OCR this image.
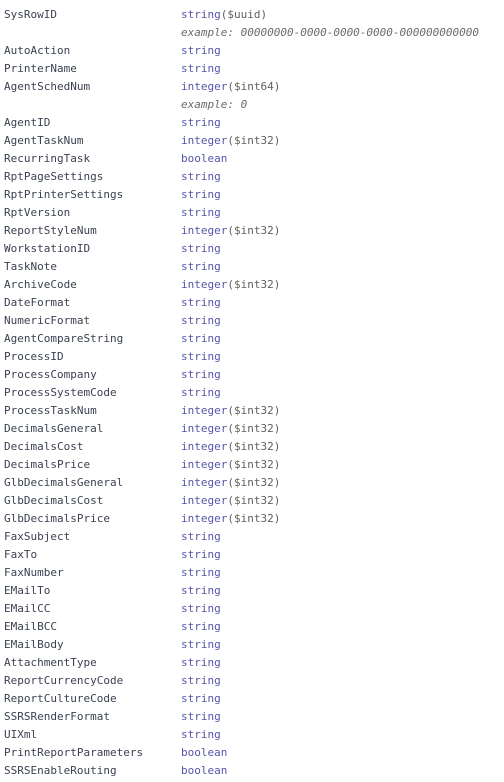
SysRowID	string($uuid)
example: 00000000-0000-0000-0000-000000000000
AutoAction	string
PrinterName	string
AgentSchedNum	integer($int64)
example: 0
AgentID	string
AgentTaskNum	integer($int32)
RecurringTask	boolean
RptPageSettings	string
RptPrinterSettings	string
RptVersion	string
ReportStyleNum	integer($int32)
WorkstationID	string
TaskNote	string
ArchiveCode	integer($int32)
DateFormat	string
NumericFormat	string
AgentCompareString	string
ProcessID	string
ProcessCompany	string
ProcessSystemCode	string
ProcessTaskNum	integer($int32)
DecimalsGeneral	integer($int32)
DecimalsCost	integer($int32)
DecimalsPrice	integer($int32)
GlbDecimalsGeneral	integer($int32)
GlbDecimalsCost	integer($int32)
GlbDecimalsPrice	integer($int32)
FaxSubject	string
FaxTo	string
FaxNumber	string
EMailTo	string
EMailCC	string
EMailBCC	string
EMailBody	string
AttachmentType	string
ReportCurrencyCode	string
ReportCultureCode	string
SSRSRenderFormat	string
UIXml	string
PrintReportParameters	boolean
SSRSEnableRouting	boolean
